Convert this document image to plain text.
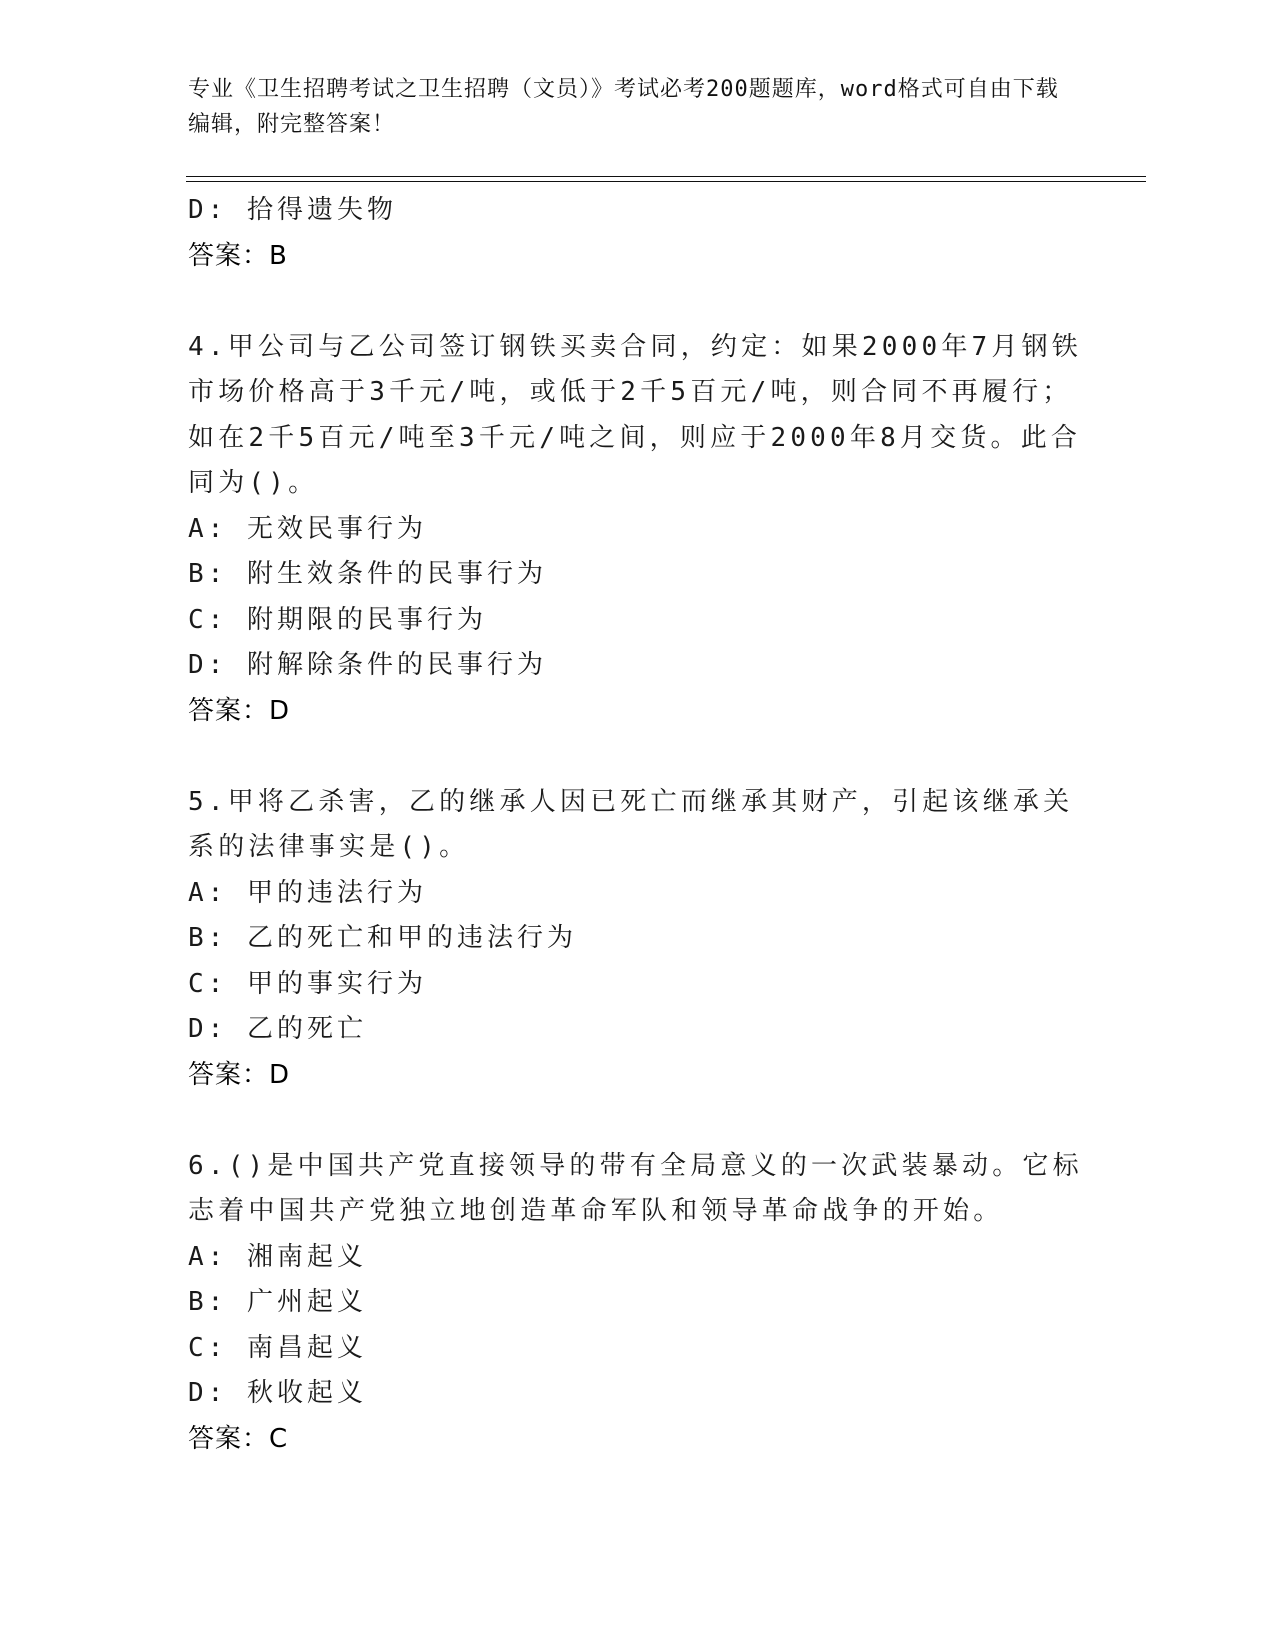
专业《卫生招聘考试之卫生招聘（文员）》考试必考200题题库，word格式可自由下载编辑，附完整答案！
D: 拾得遗失物
答案：B
4.甲公司与乙公司签订钢铁买卖合同，约定：如果2000年7月钢铁市场价格高于3千元/吨，或低于2千5百元/吨，则合同不再履行；如在2千5百元/吨至3千元/吨之间，则应于2000年8月交货。此合同为()。
A: 无效民事行为
B: 附生效条件的民事行为
C: 附期限的民事行为
D: 附解除条件的民事行为
答案：D
5.甲将乙杀害，乙的继承人因已死亡而继承其财产，引起该继承关系的法律事实是()。
A: 甲的违法行为
B: 乙的死亡和甲的违法行为
C: 甲的事实行为
D: 乙的死亡
答案：D
6.()是中国共产党直接领导的带有全局意义的一次武装暴动。它标志着中国共产党独立地创造革命军队和领导革命战争的开始。
A: 湘南起义
B: 广州起义
C: 南昌起义
D: 秋收起义
答案：C
